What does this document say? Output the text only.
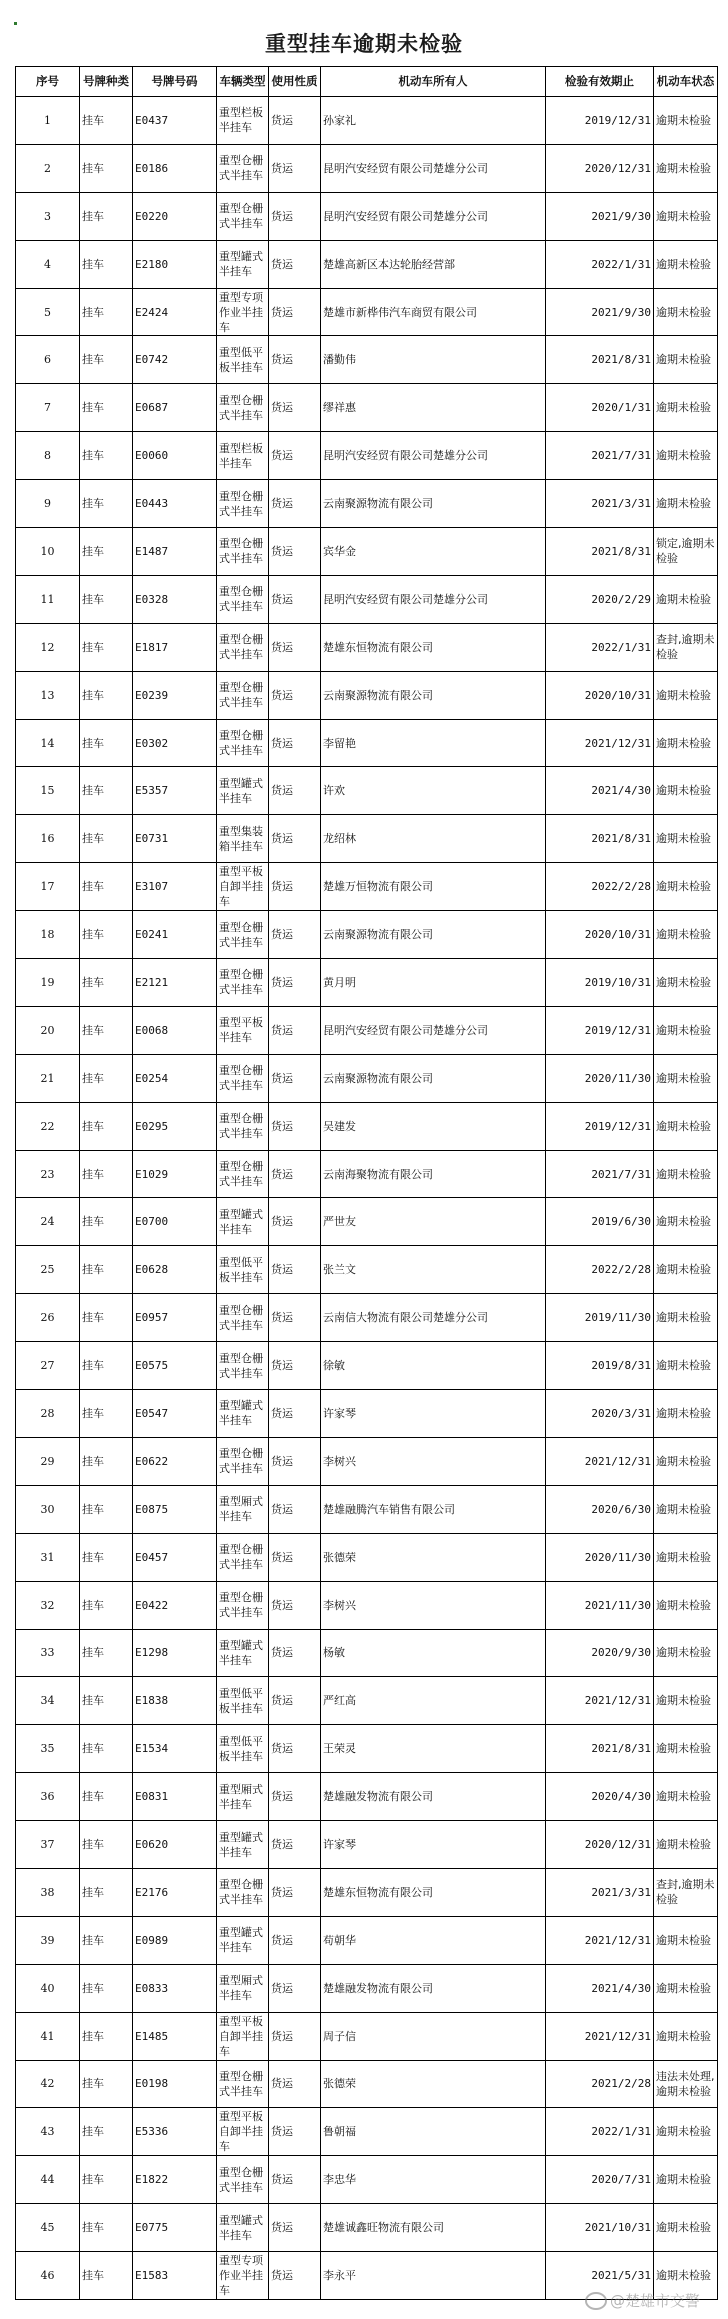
重型挂车逾期未检验
序号	号牌种类	号牌号码	车辆类型	使用性质	机动车所有人	检验有效期止	机动车状态
1	挂车	E0437	重型栏板半挂车	货运	孙家礼	2019/12/31	逾期未检验
2	挂车	E0186	重型仓栅式半挂车	货运	昆明汽安经贸有限公司楚雄分公司	2020/12/31	逾期未检验
3	挂车	E0220	重型仓栅式半挂车	货运	昆明汽安经贸有限公司楚雄分公司	2021/9/30	逾期未检验
4	挂车	E2180	重型罐式半挂车	货运	楚雄高新区本达轮胎经营部	2022/1/31	逾期未检验
5	挂车	E2424	重型专项作业半挂车	货运	楚雄市新桦伟汽车商贸有限公司	2021/9/30	逾期未检验
6	挂车	E0742	重型低平板半挂车	货运	潘勤伟	2021/8/31	逾期未检验
7	挂车	E0687	重型仓栅式半挂车	货运	缪祥惠	2020/1/31	逾期未检验
8	挂车	E0060	重型栏板半挂车	货运	昆明汽安经贸有限公司楚雄分公司	2021/7/31	逾期未检验
9	挂车	E0443	重型仓栅式半挂车	货运	云南聚源物流有限公司	2021/3/31	逾期未检验
10	挂车	E1487	重型仓栅式半挂车	货运	宾华金	2021/8/31	锁定,逾期未检验
11	挂车	E0328	重型仓栅式半挂车	货运	昆明汽安经贸有限公司楚雄分公司	2020/2/29	逾期未检验
12	挂车	E1817	重型仓栅式半挂车	货运	楚雄东恒物流有限公司	2022/1/31	查封,逾期未检验
13	挂车	E0239	重型仓栅式半挂车	货运	云南聚源物流有限公司	2020/10/31	逾期未检验
14	挂车	E0302	重型仓栅式半挂车	货运	李留艳	2021/12/31	逾期未检验
15	挂车	E5357	重型罐式半挂车	货运	许欢	2021/4/30	逾期未检验
16	挂车	E0731	重型集装箱半挂车	货运	龙绍林	2021/8/31	逾期未检验
17	挂车	E3107	重型平板自卸半挂车	货运	楚雄万恒物流有限公司	2022/2/28	逾期未检验
18	挂车	E0241	重型仓栅式半挂车	货运	云南聚源物流有限公司	2020/10/31	逾期未检验
19	挂车	E2121	重型仓栅式半挂车	货运	黄月明	2019/10/31	逾期未检验
20	挂车	E0068	重型平板半挂车	货运	昆明汽安经贸有限公司楚雄分公司	2019/12/31	逾期未检验
21	挂车	E0254	重型仓栅式半挂车	货运	云南聚源物流有限公司	2020/11/30	逾期未检验
22	挂车	E0295	重型仓栅式半挂车	货运	吴建发	2019/12/31	逾期未检验
23	挂车	E1029	重型仓栅式半挂车	货运	云南海聚物流有限公司	2021/7/31	逾期未检验
24	挂车	E0700	重型罐式半挂车	货运	严世友	2019/6/30	逾期未检验
25	挂车	E0628	重型低平板半挂车	货运	张兰文	2022/2/28	逾期未检验
26	挂车	E0957	重型仓栅式半挂车	货运	云南信大物流有限公司楚雄分公司	2019/11/30	逾期未检验
27	挂车	E0575	重型仓栅式半挂车	货运	徐敏	2019/8/31	逾期未检验
28	挂车	E0547	重型罐式半挂车	货运	许家琴	2020/3/31	逾期未检验
29	挂车	E0622	重型仓栅式半挂车	货运	李树兴	2021/12/31	逾期未检验
30	挂车	E0875	重型厢式半挂车	货运	楚雄融腾汽车销售有限公司	2020/6/30	逾期未检验
31	挂车	E0457	重型仓栅式半挂车	货运	张德荣	2020/11/30	逾期未检验
32	挂车	E0422	重型仓栅式半挂车	货运	李树兴	2021/11/30	逾期未检验
33	挂车	E1298	重型罐式半挂车	货运	杨敏	2020/9/30	逾期未检验
34	挂车	E1838	重型低平板半挂车	货运	严红高	2021/12/31	逾期未检验
35	挂车	E1534	重型低平板半挂车	货运	王荣灵	2021/8/31	逾期未检验
36	挂车	E0831	重型厢式半挂车	货运	楚雄融发物流有限公司	2020/4/30	逾期未检验
37	挂车	E0620	重型罐式半挂车	货运	许家琴	2020/12/31	逾期未检验
38	挂车	E2176	重型仓栅式半挂车	货运	楚雄东恒物流有限公司	2021/3/31	查封,逾期未检验
39	挂车	E0989	重型罐式半挂车	货运	苟朝华	2021/12/31	逾期未检验
40	挂车	E0833	重型厢式半挂车	货运	楚雄融发物流有限公司	2021/4/30	逾期未检验
41	挂车	E1485	重型平板自卸半挂车	货运	周子信	2021/12/31	逾期未检验
42	挂车	E0198	重型仓栅式半挂车	货运	张德荣	2021/2/28	违法未处理,逾期未检验
43	挂车	E5336	重型平板自卸半挂车	货运	鲁朝福	2022/1/31	逾期未检验
44	挂车	E1822	重型仓栅式半挂车	货运	李忠华	2020/7/31	逾期未检验
45	挂车	E0775	重型罐式半挂车	货运	楚雄诚鑫旺物流有限公司	2021/10/31	逾期未检验
46	挂车	E1583	重型专项作业半挂车	货运	李永平	2021/5/31	逾期未检验
@楚雄市交警
